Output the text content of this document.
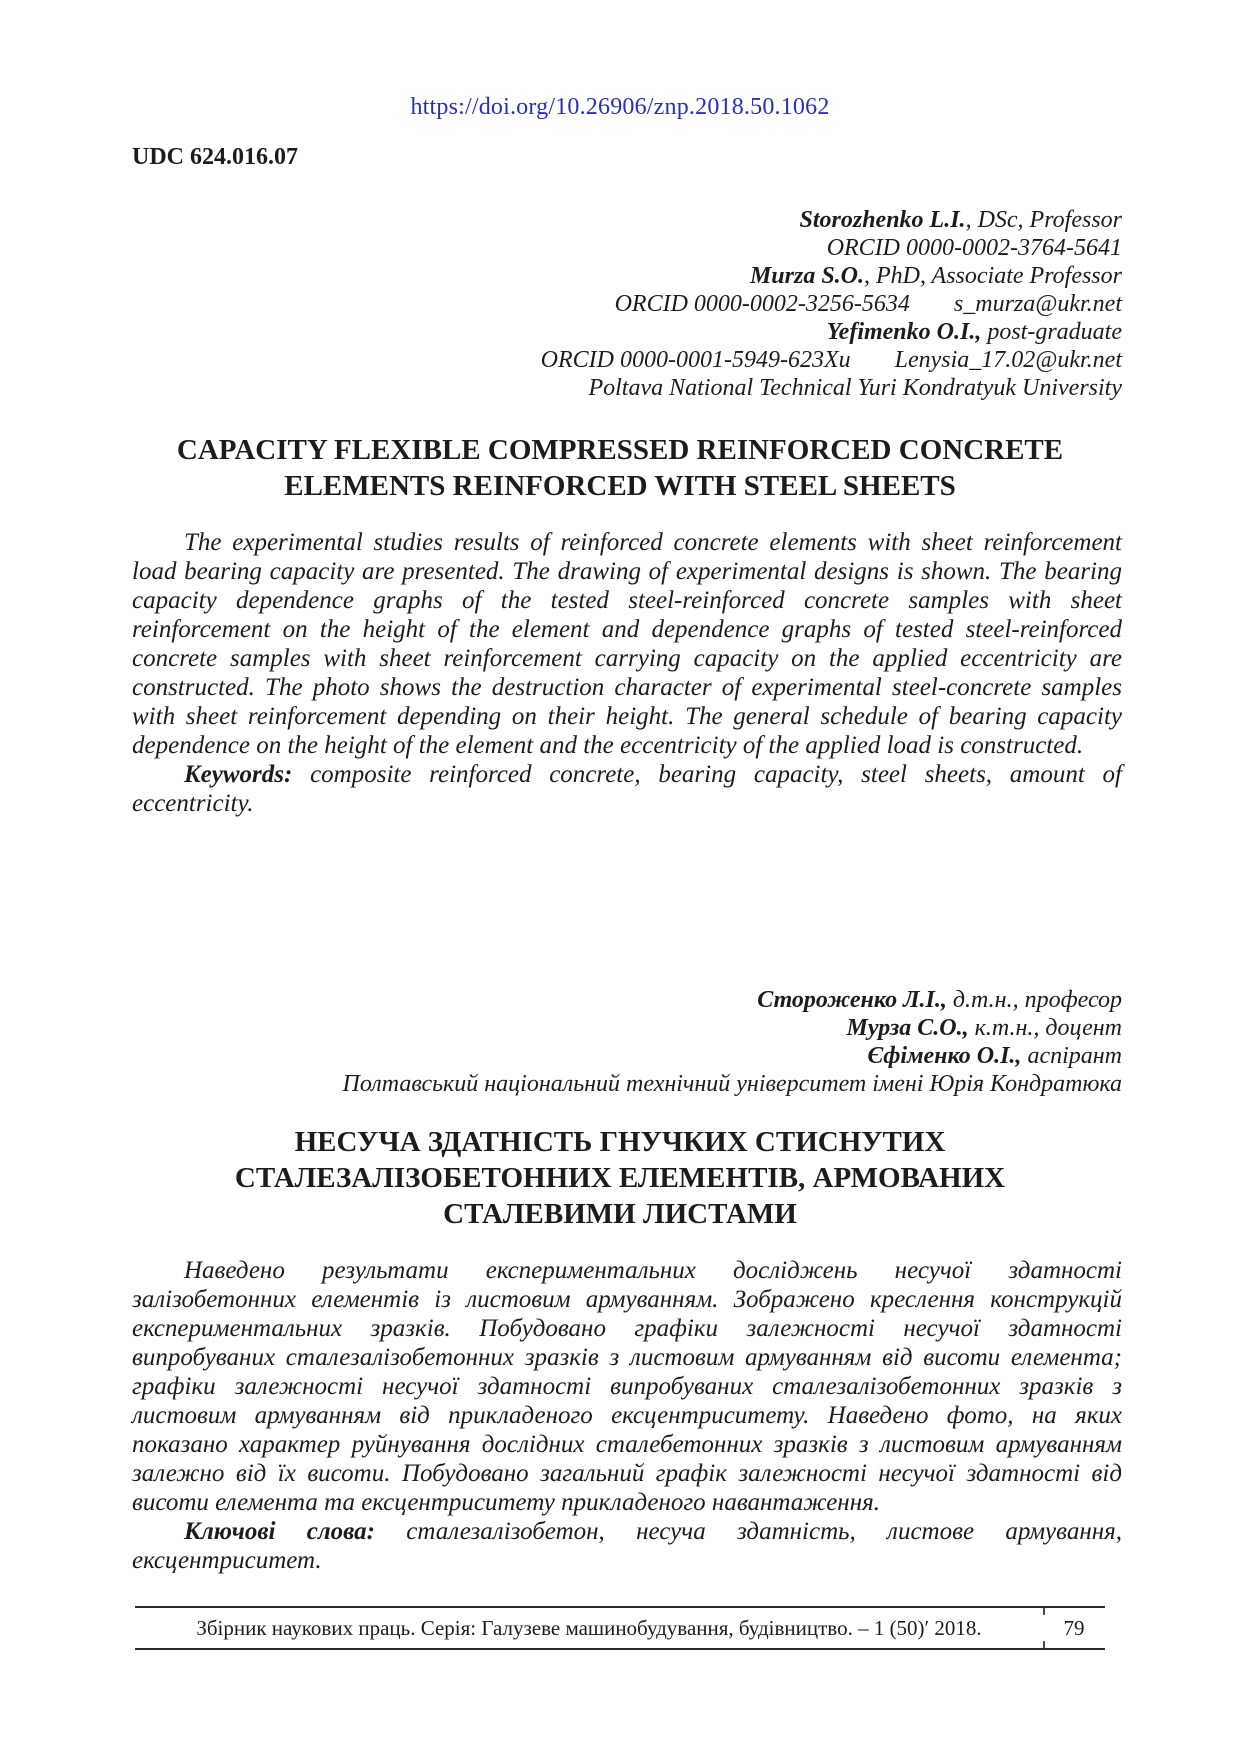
https://doi.org/10.26906/znp.2018.50.1062
UDC 624.016.07
Storozhenko L.I., DSc, Professor
ORCID 0000-0002-3764-5641
Murza S.O., PhD, Associate Professor
ORCID 0000-0002-3256-5634 s_murza@ukr.net
Yefimenko O.I., post-graduate
ORCID 0000-0001-5949-623Xu Lenysia_17.02@ukr.net
Poltava National Technical Yuri Kondratyuk University
CAPACITY FLEXIBLE COMPRESSED REINFORCED CONCRETE
ELEMENTS REINFORCED WITH STEEL SHEETS

The experimental studies results of reinforced concrete elements with sheet reinforcement load bearing capacity are presented. The drawing of experimental designs is shown. The bearing capacity dependence graphs of the tested steel-reinforced concrete samples with sheet reinforcement on the height of the element and dependence graphs of tested steel-reinforced concrete samples with sheet reinforcement carrying capacity on the applied eccentricity are constructed. The photo shows the destruction character of experimental steel-concrete samples with sheet reinforcement depending on their height. The general schedule of bearing capacity dependence on the height of the element and the eccentricity of the applied load is constructed.

Keywords: composite reinforced concrete, bearing capacity, steel sheets, amount of eccentricity.

Стороженко Л.І., д.т.н., професор
Мурза С.О., к.т.н., доцент
Єфіменко О.І., аспірант
Полтавський національний технічний університет імені Юрія Кондратюка
НЕСУЧА ЗДАТНІСТЬ ГНУЧКИХ СТИСНУТИХ
СТАЛЕЗАЛІЗОБЕТОННИХ ЕЛЕМЕНТІВ, АРМОВАНИХ
СТАЛЕВИМИ ЛИСТАМИ

Наведено результати експериментальних досліджень несучої здатності залізобетонних елементів із листовим армуванням. Зображено креслення конструкцій експериментальних зразків. Побудовано графіки залежності несучої здатності випробуваних сталезалізобетонних зразків з листовим армуванням від висоти елемента; графіки залежності несучої здатності випробуваних сталезалізобетонних зразків з листовим армуванням від прикладеного ексцентриситету. Наведено фото, на яких показано характер руйнування дослідних сталебетонних зразків з листовим армуванням залежно від їх висоти. Побудовано загальний графік залежності несучої здатності від висоти елемента та ексцентриситету прикладеного навантаження.

Ключові слова: сталезалізобетон, несуча здатність, листове армування, ексцентриситет.

Збірник наукових праць. Серія: Галузеве машинобудування, будівництво. – 1 (50)′ 2018.	79
